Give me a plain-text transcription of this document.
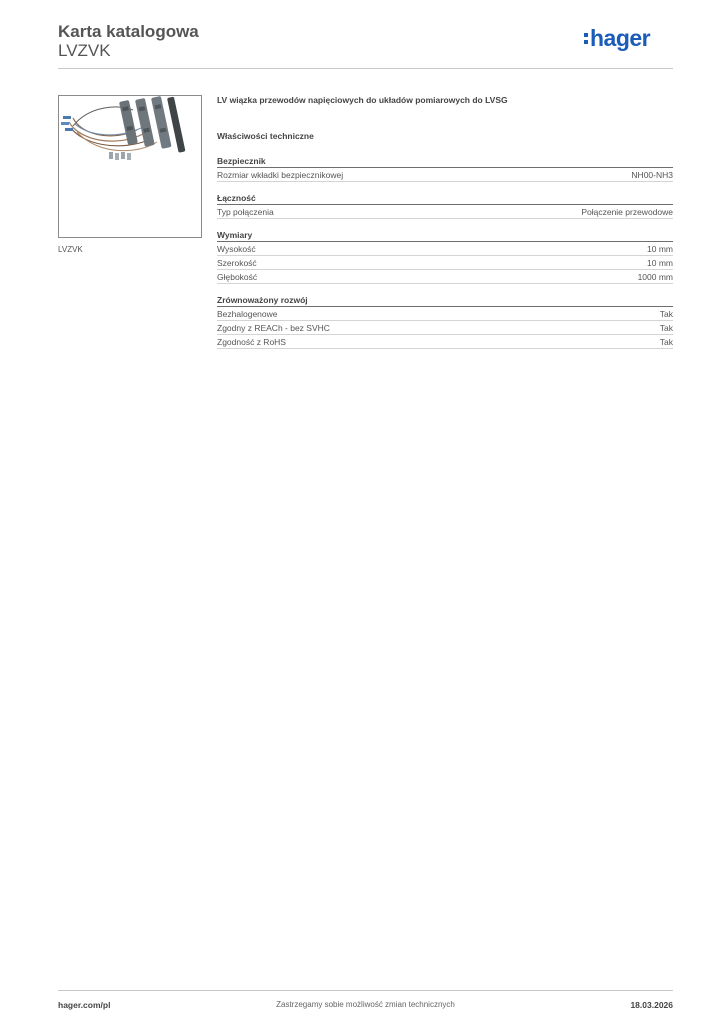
Karta katalogowa
LVZVK	hager
LVZVK
LV wiązka przewodów napięciowych do układów pomiarowych do LVSG
Właściwości techniczne
Bezpiecznik
Rozmiar wkładki bezpiecznikowej	NH00-NH3
Łączność
Typ połączenia	Połączenie przewodowe
Wymiary
Wysokość	10 mm
Szerokość	10 mm
Głębokość	1000 mm
Zrównoważony rozwój
Bezhalogenowe	Tak
Zgodny z REACh - bez SVHC	Tak
Zgodność z RoHS	Tak
hager.com/pl	Zastrzegamy sobie możliwość zmian technicznych	18.03.2026
